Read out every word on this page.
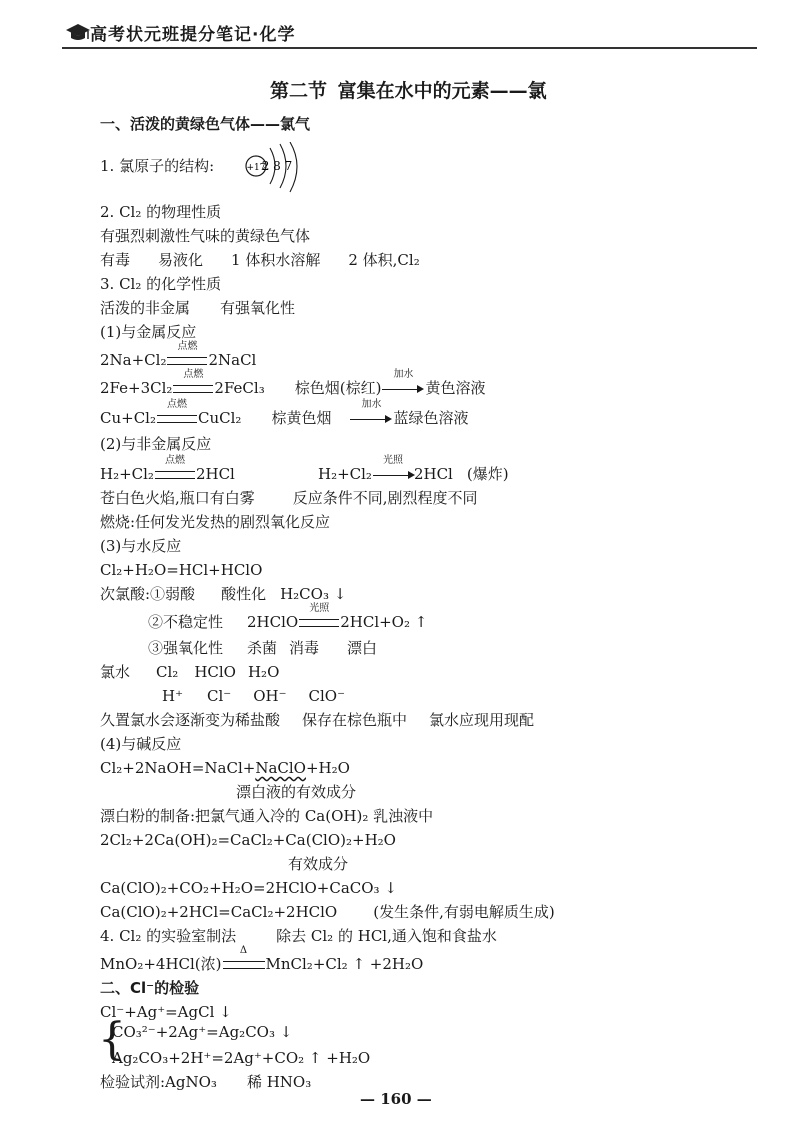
高考状元班提分笔记·化学
第二节 富集在水中的元素——氯
一、活泼的黄绿色气体——氯气
1. 氯原子的结构:	+17
2 8 7
2. Cl₂ 的物理性质
有强烈刺激性气味的黄绿色气体
有毒 易液化 1 体积水溶解 2 体积,Cl₂
3. Cl₂ 的化学性质
活泼的非金属 有强氧化性
(1)与金属反应
2Na+Cl₂
点燃
2NaCl
2Fe+3Cl₂
点燃
2FeCl₃ 棕色烟(棕红)
加水
黄色溶液
Cu+Cl₂
点燃
CuCl₂ 棕黄色烟
加水
蓝绿色溶液
(2)与非金属反应
H₂+Cl₂
点燃
2HCl	H₂+Cl₂
光照
2HCl (爆炸)
苍白色火焰,瓶口有白雾	反应条件不同,剧烈程度不同
燃烧:任何发光发热的剧烈氧化反应
(3)与水反应
Cl₂+H₂O=HCl+HClO
次氯酸:①弱酸 酸性化 H₂CO₃ ↓
②不稳定性 2HClO
光照
2HCl+O₂ ↑
③强氧化性 杀菌 消毒 漂白
氯水 Cl₂ HClO H₂O
H⁺ Cl⁻ OH⁻ ClO⁻
久置氯水会逐渐变为稀盐酸 保存在棕色瓶中 氯水应现用现配
(4)与碱反应
Cl₂+2NaOH=NaCl+NaClO+H₂O
漂白液的有效成分
漂白粉的制备:把氯气通入冷的 Ca(OH)₂ 乳浊液中
2Cl₂+2Ca(OH)₂=CaCl₂+Ca(ClO)₂+H₂O
有效成分
Ca(ClO)₂+CO₂+H₂O=2HClO+CaCO₃ ↓
Ca(ClO)₂+2HCl=CaCl₂+2HClO (发生条件,有弱电解质生成)
4. Cl₂ 的实验室制法	除去 Cl₂ 的 HCl,通入饱和食盐水
MnO₂+4HCl(浓)
Δ
MnCl₂+Cl₂ ↑ +2H₂O
二、Cl⁻的检验
Cl⁻+Ag⁺=AgCl ↓
{
CO₃²⁻+2Ag⁺=Ag₂CO₃ ↓
Ag₂CO₃+2H⁺=2Ag⁺+CO₂ ↑ +H₂O
检验试剂:AgNO₃ 稀 HNO₃
— 160 —
